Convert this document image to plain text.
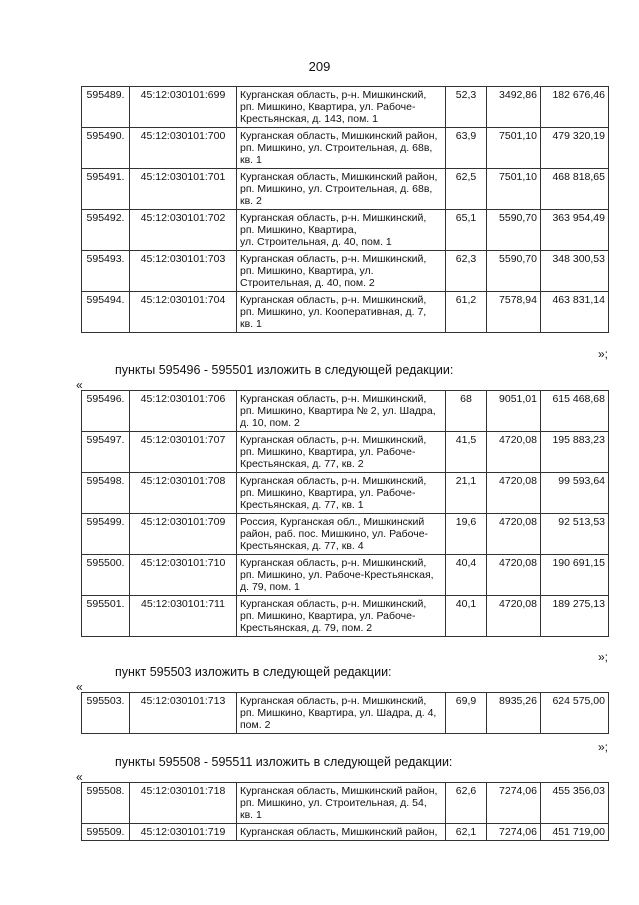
209
595489.	45:12:030101:699	Курганская область, р-н. Мишкинский,
рп. Мишкино, Квартира, ул. Рабоче-
Крестьянская, д. 143, пом. 1	52,3	3492,86	182 676,46
595490.	45:12:030101:700	Курганская область, Мишкинский район,
рп. Мишкино, ул. Строительная, д. 68в,
кв. 1	63,9	7501,10	479 320,19
595491.	45:12:030101:701	Курганская область, Мишкинский район,
рп. Мишкино, ул. Строительная, д. 68в,
кв. 2	62,5	7501,10	468 818,65
595492.	45:12:030101:702	Курганская область, р-н. Мишкинский,
рп. Мишкино, Квартира,
ул. Строительная, д. 40, пом. 1	65,1	5590,70	363 954,49
595493.	45:12:030101:703	Курганская область, р-н. Мишкинский,
рп. Мишкино, Квартира, ул.
Строительная, д. 40, пом. 2	62,3	5590,70	348 300,53
595494.	45:12:030101:704	Курганская область, р-н. Мишкинский,
рп. Мишкино, ул. Кооперативная, д. 7,
кв. 1	61,2	7578,94	463 831,14
»;
пункты 595496 - 595501 изложить в следующей редакции:
«
595496.	45:12:030101:706	Курганская область, р-н. Мишкинский,
рп. Мишкино, Квартира № 2, ул. Шадра,
д. 10, пом. 2	68	9051,01	615 468,68
595497.	45:12:030101:707	Курганская область, р-н. Мишкинский,
рп. Мишкино, Квартира, ул. Рабоче-
Крестьянская, д. 77, кв. 2	41,5	4720,08	195 883,23
595498.	45:12:030101:708	Курганская область, р-н. Мишкинский,
рп. Мишкино, Квартира, ул. Рабоче-
Крестьянская, д. 77, кв. 1	21,1	4720,08	99 593,64
595499.	45:12:030101:709	Россия, Курганская обл., Мишкинский
район, раб. пос. Мишкино, ул. Рабоче-
Крестьянская, д. 77, кв. 4	19,6	4720,08	92 513,53
595500.	45:12:030101:710	Курганская область, р-н. Мишкинский,
рп. Мишкино, ул. Рабоче-Крестьянская,
д. 79, пом. 1	40,4	4720,08	190 691,15
595501.	45:12:030101:711	Курганская область, р-н. Мишкинский,
рп. Мишкино, Квартира, ул. Рабоче-
Крестьянская, д. 79, пом. 2	40,1	4720,08	189 275,13
»;
пункт 595503 изложить в следующей редакции:
«
595503.	45:12:030101:713	Курганская область, р-н. Мишкинский,
рп. Мишкино, Квартира, ул. Шадра, д. 4,
пом. 2
	69,9	8935,26	624 575,00
»;
пункты 595508 - 595511 изложить в следующей редакции:
«
595508.	45:12:030101:718	Курганская область, Мишкинский район,
рп. Мишкино, ул. Строительная, д. 54,
кв. 1	62,6	7274,06	455 356,03
595509.	45:12:030101:719	Курганская область, Мишкинский район,	62,1	7274,06	451 719,00
